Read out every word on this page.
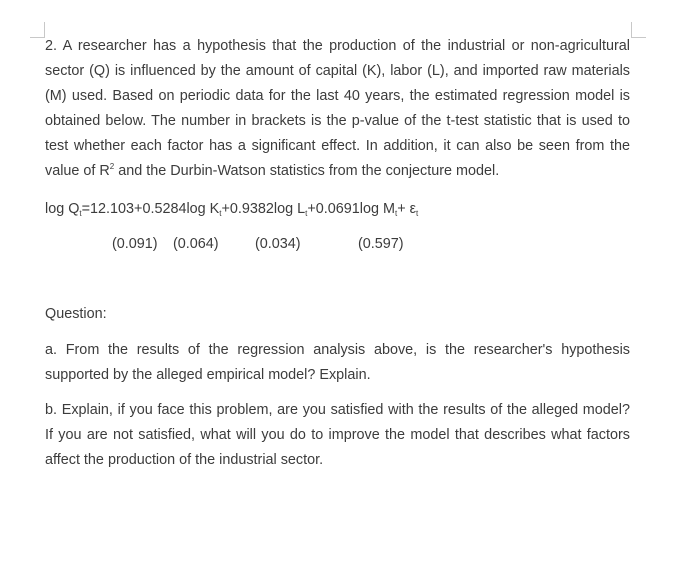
2. A researcher has a hypothesis that the production of the industrial or non-agricultural sector (Q) is influenced by the amount of capital (K), labor (L), and imported raw materials (M) used. Based on periodic data for the last 40 years, the estimated regression model is obtained below. The number in brackets is the p-value of the t-test statistic that is used to test whether each factor has a significant effect. In addition, it can also be seen from the value of $R^2$ and the Durbin-Watson statistics from the conjecture model.

$\log Q_t=12.103+0.5284\log$ $K_t+0.9382\log$ $L_t+0.0691\log$ $M_t+ \varepsilon_t$
(0.091) (0.064)	(0.034)	(0.597)
Question:

a. From the results of the regression analysis above, is the researcher's hypothesis supported by the alleged empirical model? Explain.

b. Explain, if you face this problem, are you satisfied with the results of the alleged model? If you are not satisfied, what will you do to improve the model that describes what factors affect the production of the industrial sector.
